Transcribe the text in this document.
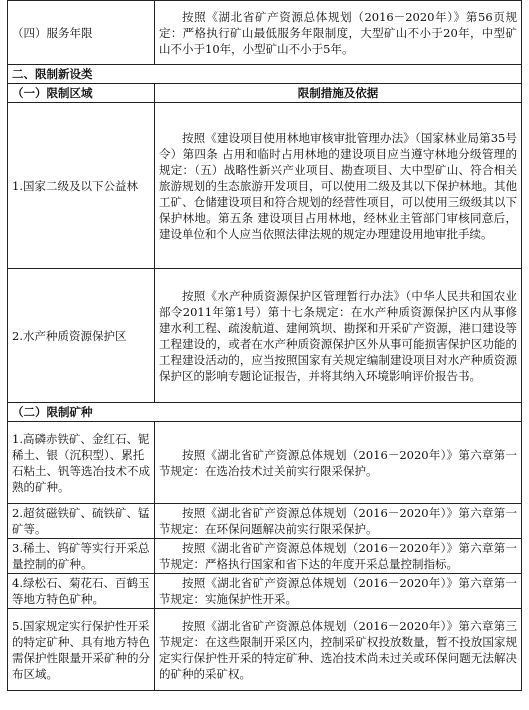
（四）服务年限	按照《湖北省矿产资源总体规划（2016－2020年）》第56页规定：严格执行矿山最低服务年限制度，大型矿山不小于20年，中型矿山不小于10年，小型矿山不小于5年。
二、限制新设类	
（一）限制区域	限制措施及依据
1.国家二级及以下公益林	按照《建设项目使用林地审核审批管理办法》（国家林业局第35号令）第四条 占用和临时占用林地的建设项目应当遵守林地分级管理的规定：（五）战略性新兴产业项目、勘查项目、大中型矿山、符合相关旅游规划的生态旅游开发项目，可以使用二级及其以下保护林地。其他工矿、仓储建设项目和符合规划的经营性项目，可以使用三级级其以下保护林地。第五条 建设项目占用林地，经林业主管部门审核同意后，建设单位和个人应当依照法律法规的规定办理建设用地审批手续。
2.水产种质资源保护区	按照《水产种质资源保护区管理暂行办法》（中华人民共和国农业部令2011年第1号）第十七条规定：在水产种质资源保护区内从事修建水利工程、疏浚航道、建闸筑坝、勘探和开采矿产资源，港口建设等工程建设的，或者在水产种质资源保护区外从事可能损害保护区功能的工程建设活动的，应当按照国家有关规定编制建设项目对水产种质资源保护区的影响专题论证报告，并将其纳入环境影响评价报告书。
（二）限制矿种	
1.高磷赤铁矿、金红石、铌稀土、银（沉积型）、累托石粘土、钒等选冶技术不成熟的矿种。	按照《湖北省矿产资源总体规划（2016－2020年）》第六章第一节规定：在选冶技术过关前实行限采保护。
2.超贫磁铁矿、硫铁矿、锰矿等。	按照《湖北省矿产资源总体规划（2016－2020年）》第六章第一节规定：在环保问题解决前实行限采保护。
3.稀土、钨矿等实行开采总量控制的矿种。	按照《湖北省矿产资源总体规划（2016－2020年）》第六章第一节规定：严格执行国家和省下达的年度开采总量控制指标。
4.绿松石、菊花石、百鹤玉等地方特色矿种。	按照《湖北省矿产资源总体规划（2016－2020年）》第六章第一节规定：实施保护性开采。
5.国家规定实行保护性开采的特定矿种、具有地方特色需保护性限量开采矿种的分布区域。	按照《湖北省矿产资源总体规划（2016－2020年）》第六章第三节规定：在这些限制开采区内，控制采矿权投放数量，暂不投放国家规定实行保护性开采的特定矿种、选冶技术尚未过关或环保问题无法解决的矿种的采矿权。
